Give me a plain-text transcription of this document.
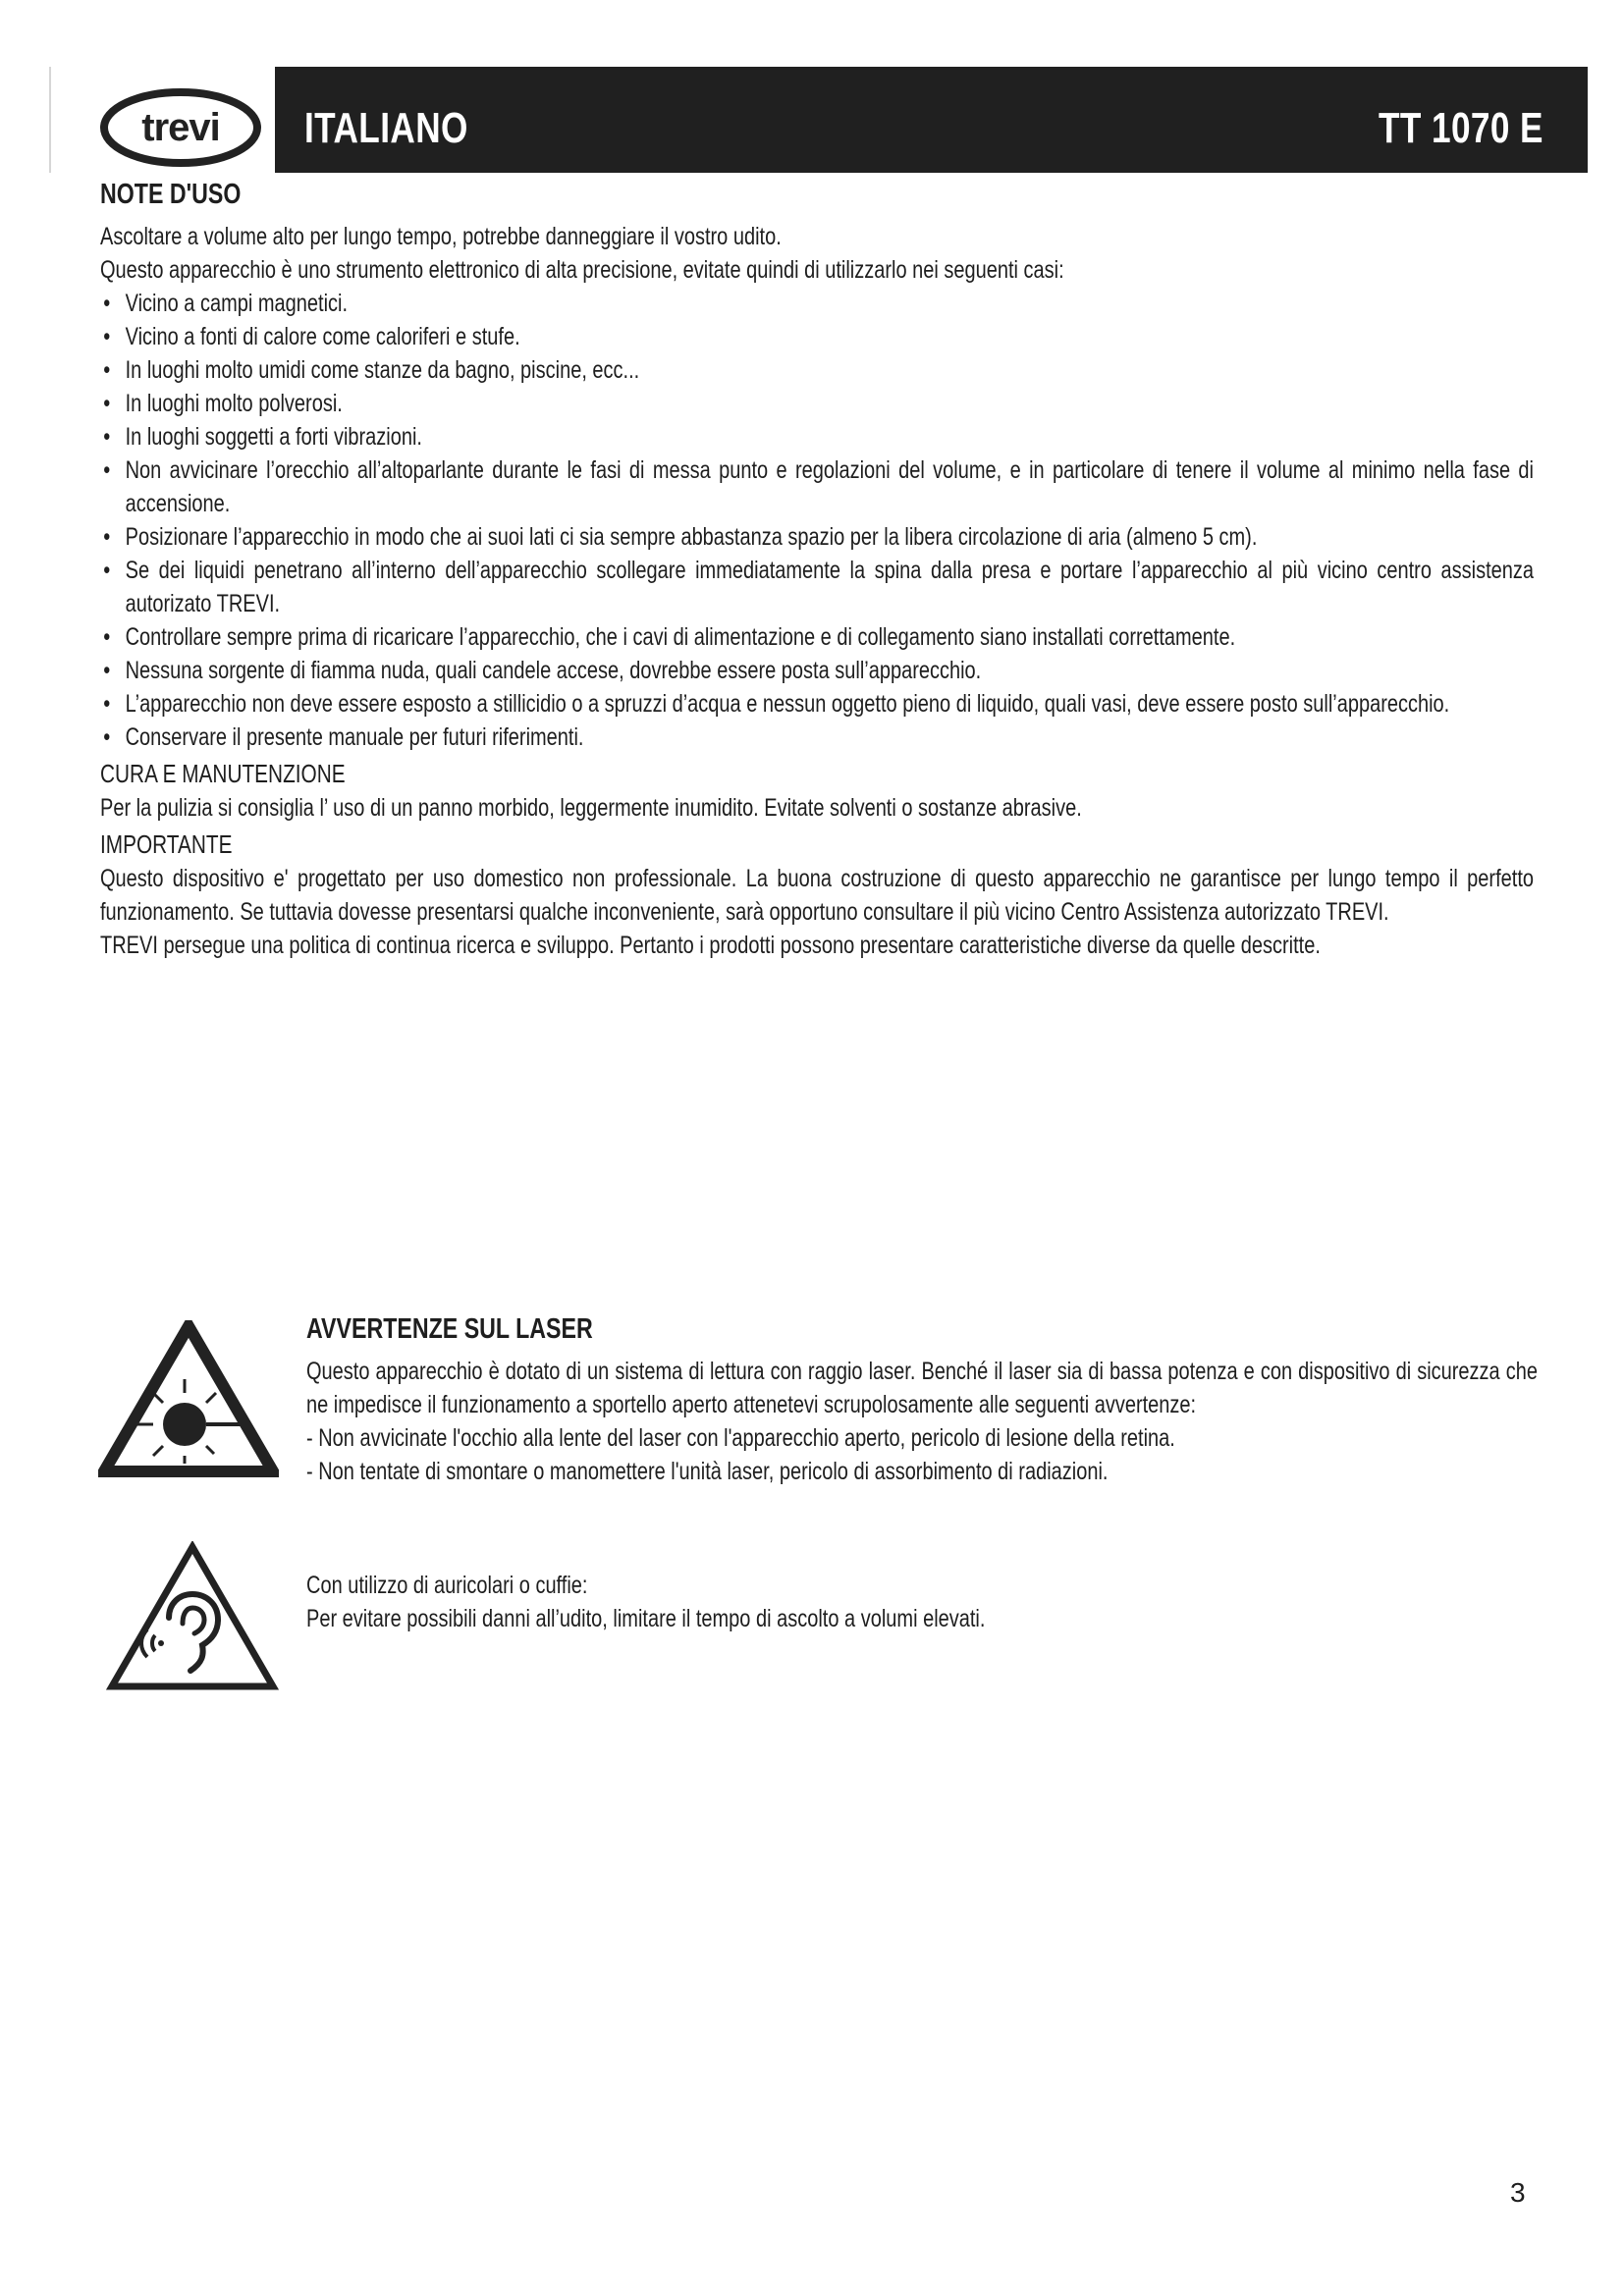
trevi ITALIANO	TT 1070 E
NOTE D'USO

Ascoltare a volume alto per lungo tempo, potrebbe danneggiare il vostro udito.

Questo apparecchio è uno strumento elettronico di alta precisione, evitate quindi di utilizzarlo nei seguenti casi:

• Vicino a campi magnetici.
• Vicino a fonti di calore come caloriferi e stufe.
• In luoghi molto umidi come stanze da bagno, piscine, ecc...
• In luoghi molto polverosi.
• In luoghi soggetti a forti vibrazioni.
• Non avvicinare l’orecchio all’altoparlante durante le fasi di messa punto e regolazioni del volume, e in particolare di tenere il volume al minimo nella fase di accensione.
• Posizionare l’apparecchio in modo che ai suoi lati ci sia sempre abbastanza spazio per la libera circolazione di aria (almeno 5 cm).
• Se dei liquidi penetrano all’interno dell’apparecchio scollegare immediatamente la spina dalla presa e portare l’apparecchio al più vicino centro assistenza autorizato TREVI.
• Controllare sempre prima di ricaricare l’apparecchio, che i cavi di alimentazione e di collegamento siano installati correttamente.
• Nessuna sorgente di fiamma nuda, quali candele accese, dovrebbe essere posta sull’apparecchio.
• L’apparecchio non deve essere esposto a stillicidio o a spruzzi d’acqua e nessun oggetto pieno di liquido, quali vasi, deve essere posto sull’apparecchio.
• Conservare il presente manuale per futuri riferimenti.

CURA E MANUTENZIONE

Per la pulizia si consiglia l’ uso di un panno morbido, leggermente inumidito. Evitate solventi o sostanze abrasive.

IMPORTANTE

Questo dispositivo e' progettato per uso domestico non professionale. La buona costruzione di questo apparecchio ne garantisce per lungo tempo il perfetto funzionamento. Se tuttavia dovesse presentarsi qualche inconveniente, sarà opportuno consultare il più vicino Centro Assistenza autorizzato TREVI.

TREVI persegue una politica di continua ricerca e sviluppo. Pertanto i prodotti possono presentare caratteristiche diverse da quelle descritte.

AVVERTENZE SUL LASER

Questo apparecchio è dotato di un sistema di lettura con raggio laser. Benché il laser sia di bassa potenza e con dispositivo di sicurezza che ne impedisce il funzionamento a sportello aperto attenetevi scrupolosamente alle seguenti avvertenze:

- Non avvicinate l'occhio alla lente del laser con l'apparecchio aperto, pericolo di lesione della retina.

- Non tentate di smontare o manomettere l'unità laser, pericolo di assorbimento di radiazioni.

Con utilizzo di auricolari o cuffie:

Per evitare possibili danni all’udito, limitare il tempo di ascolto a volumi elevati.

3
